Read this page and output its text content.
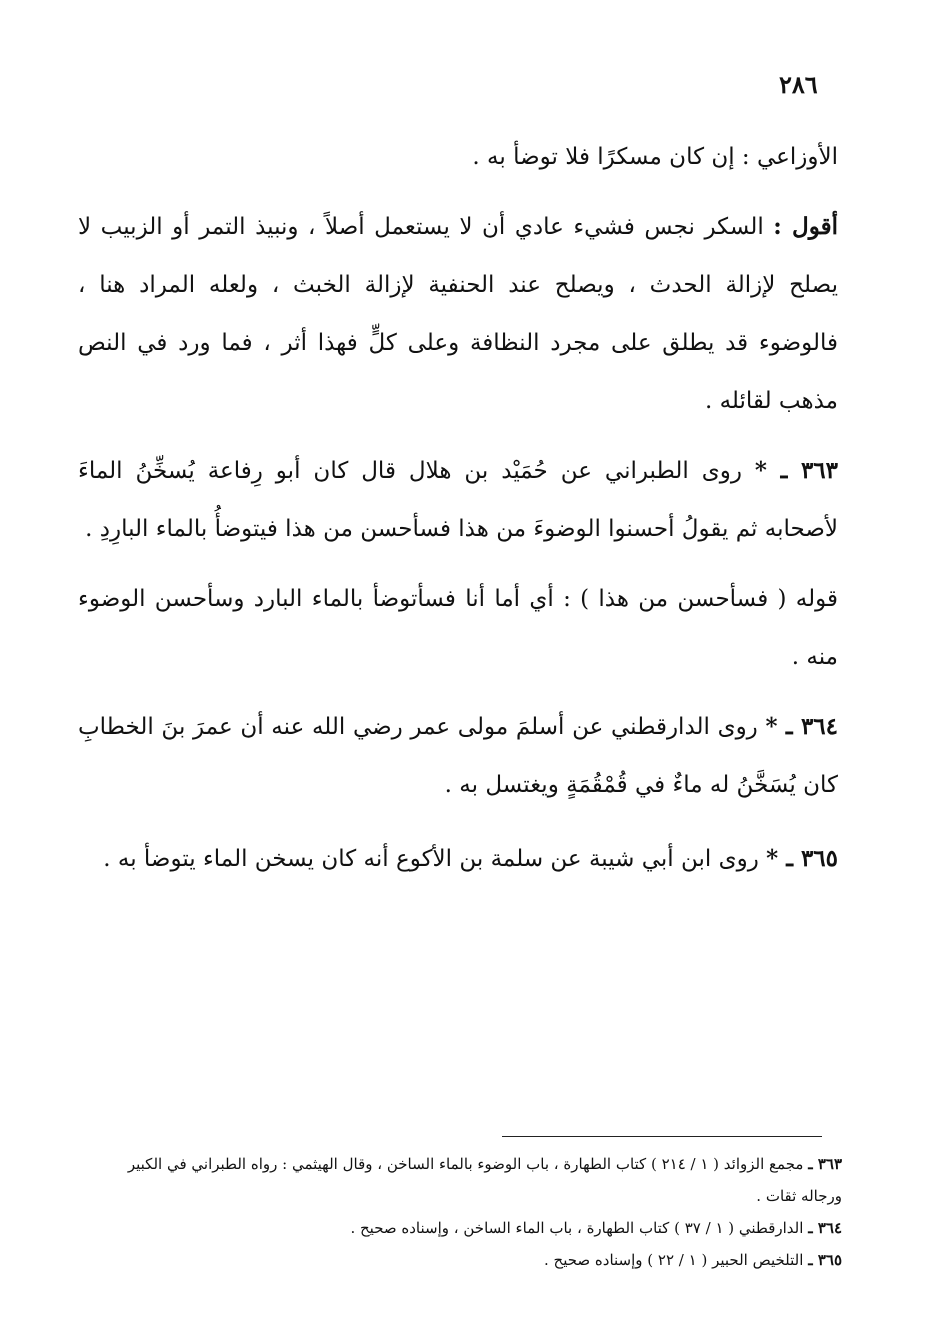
٢٨٦

الأوزاعي : إن كان مسكرًا فلا توضأ به .

أقول : السكر نجس فشيء عادي أن لا يستعمل أصلاً ، ونبيذ التمر أو الزبيب لا يصلح لإزالة الحدث ، ويصلح عند الحنفية لإزالة الخبث ، ولعله المراد هنا ، فالوضوء قد يطلق على مجرد النظافة وعلى كلٍّ فهذا أثر ، فما ورد في النص مذهب لقائله .

٣٦٣ ـ * روى الطبراني عن حُمَيْد بن هلال قال كان أبو رِفاعة يُسخِّنُ الماءَ لأصحابه ثم يقولُ أحسنوا الوضوءَ من هذا فسأحسن من هذا فيتوضأُ بالماء البارِدِ .

قوله ( فسأحسن من هذا ) : أي أما أنا فسأتوضأ بالماء البارد وسأحسن الوضوء منه .

٣٦٤ ـ * روى الدارقطني عن أسلمَ مولى عمر رضي الله عنه أن عمرَ بنَ الخطابِ كان يُسَخَّنُ له ماءٌ في قُمْقُمَةٍ ويغتسل به .

٣٦٥ ـ * روى ابن أبي شيبة عن سلمة بن الأكوع أنه كان يسخن الماء يتوضأ به .

٣٦٣ ـ مجمع الزوائد ( ١ / ٢١٤ ) كتاب الطهارة ، باب الوضوء بالماء الساخن ، وقال الهيثمي : رواه الطبراني في الكبير
ورجاله ثقات .

٣٦٤ ـ الدارقطني ( ١ / ٣٧ ) كتاب الطهارة ، باب الماء الساخن ، وإسناده صحيح .

٣٦٥ ـ التلخيص الحبير ( ١ / ٢٢ ) وإسناده صحيح .
